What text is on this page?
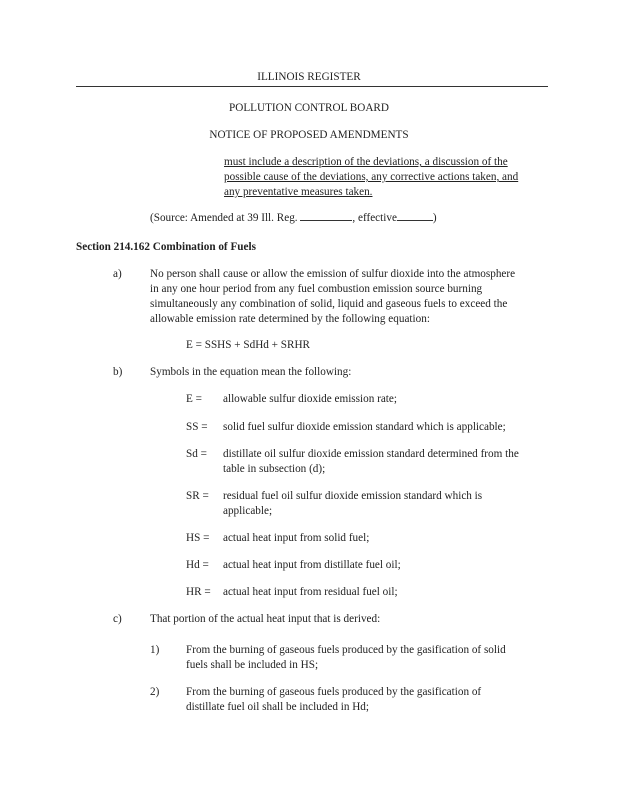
ILLINOIS REGISTER
POLLUTION CONTROL BOARD
NOTICE OF PROPOSED AMENDMENTS
must include a description of the deviations, a discussion of the
possible cause of the deviations, any corrective actions taken, and
any preventative measures taken.
(Source: Amended at 39 Ill. Reg.	, effective	)
Section 214.162 Combination of Fuels
a)	No person shall cause or allow the emission of sulfur dioxide into the atmosphere
in any one hour period from any fuel combustion emission source burning
simultaneously any combination of solid, liquid and gaseous fuels to exceed the
allowable emission rate determined by the following equation:
E = SSHS + SdHd + SRHR
b) Symbols in the equation mean the following:
E = allowable sulfur dioxide emission rate;
SS = solid fuel sulfur dioxide emission standard which is applicable;
Sd = distillate oil sulfur dioxide emission standard determined from the
table in subsection (d);
SR = residual fuel oil sulfur dioxide emission standard which is
applicable;
HS = actual heat input from solid fuel;
Hd = actual heat input from distillate fuel oil;
HR = actual heat input from residual fuel oil;
c)	That portion of the actual heat input that is derived:
1) From the burning of gaseous fuels produced by the gasification of solid
fuels shall be included in HS;
2) From the burning of gaseous fuels produced by the gasification of
distillate fuel oil shall be included in Hd;
